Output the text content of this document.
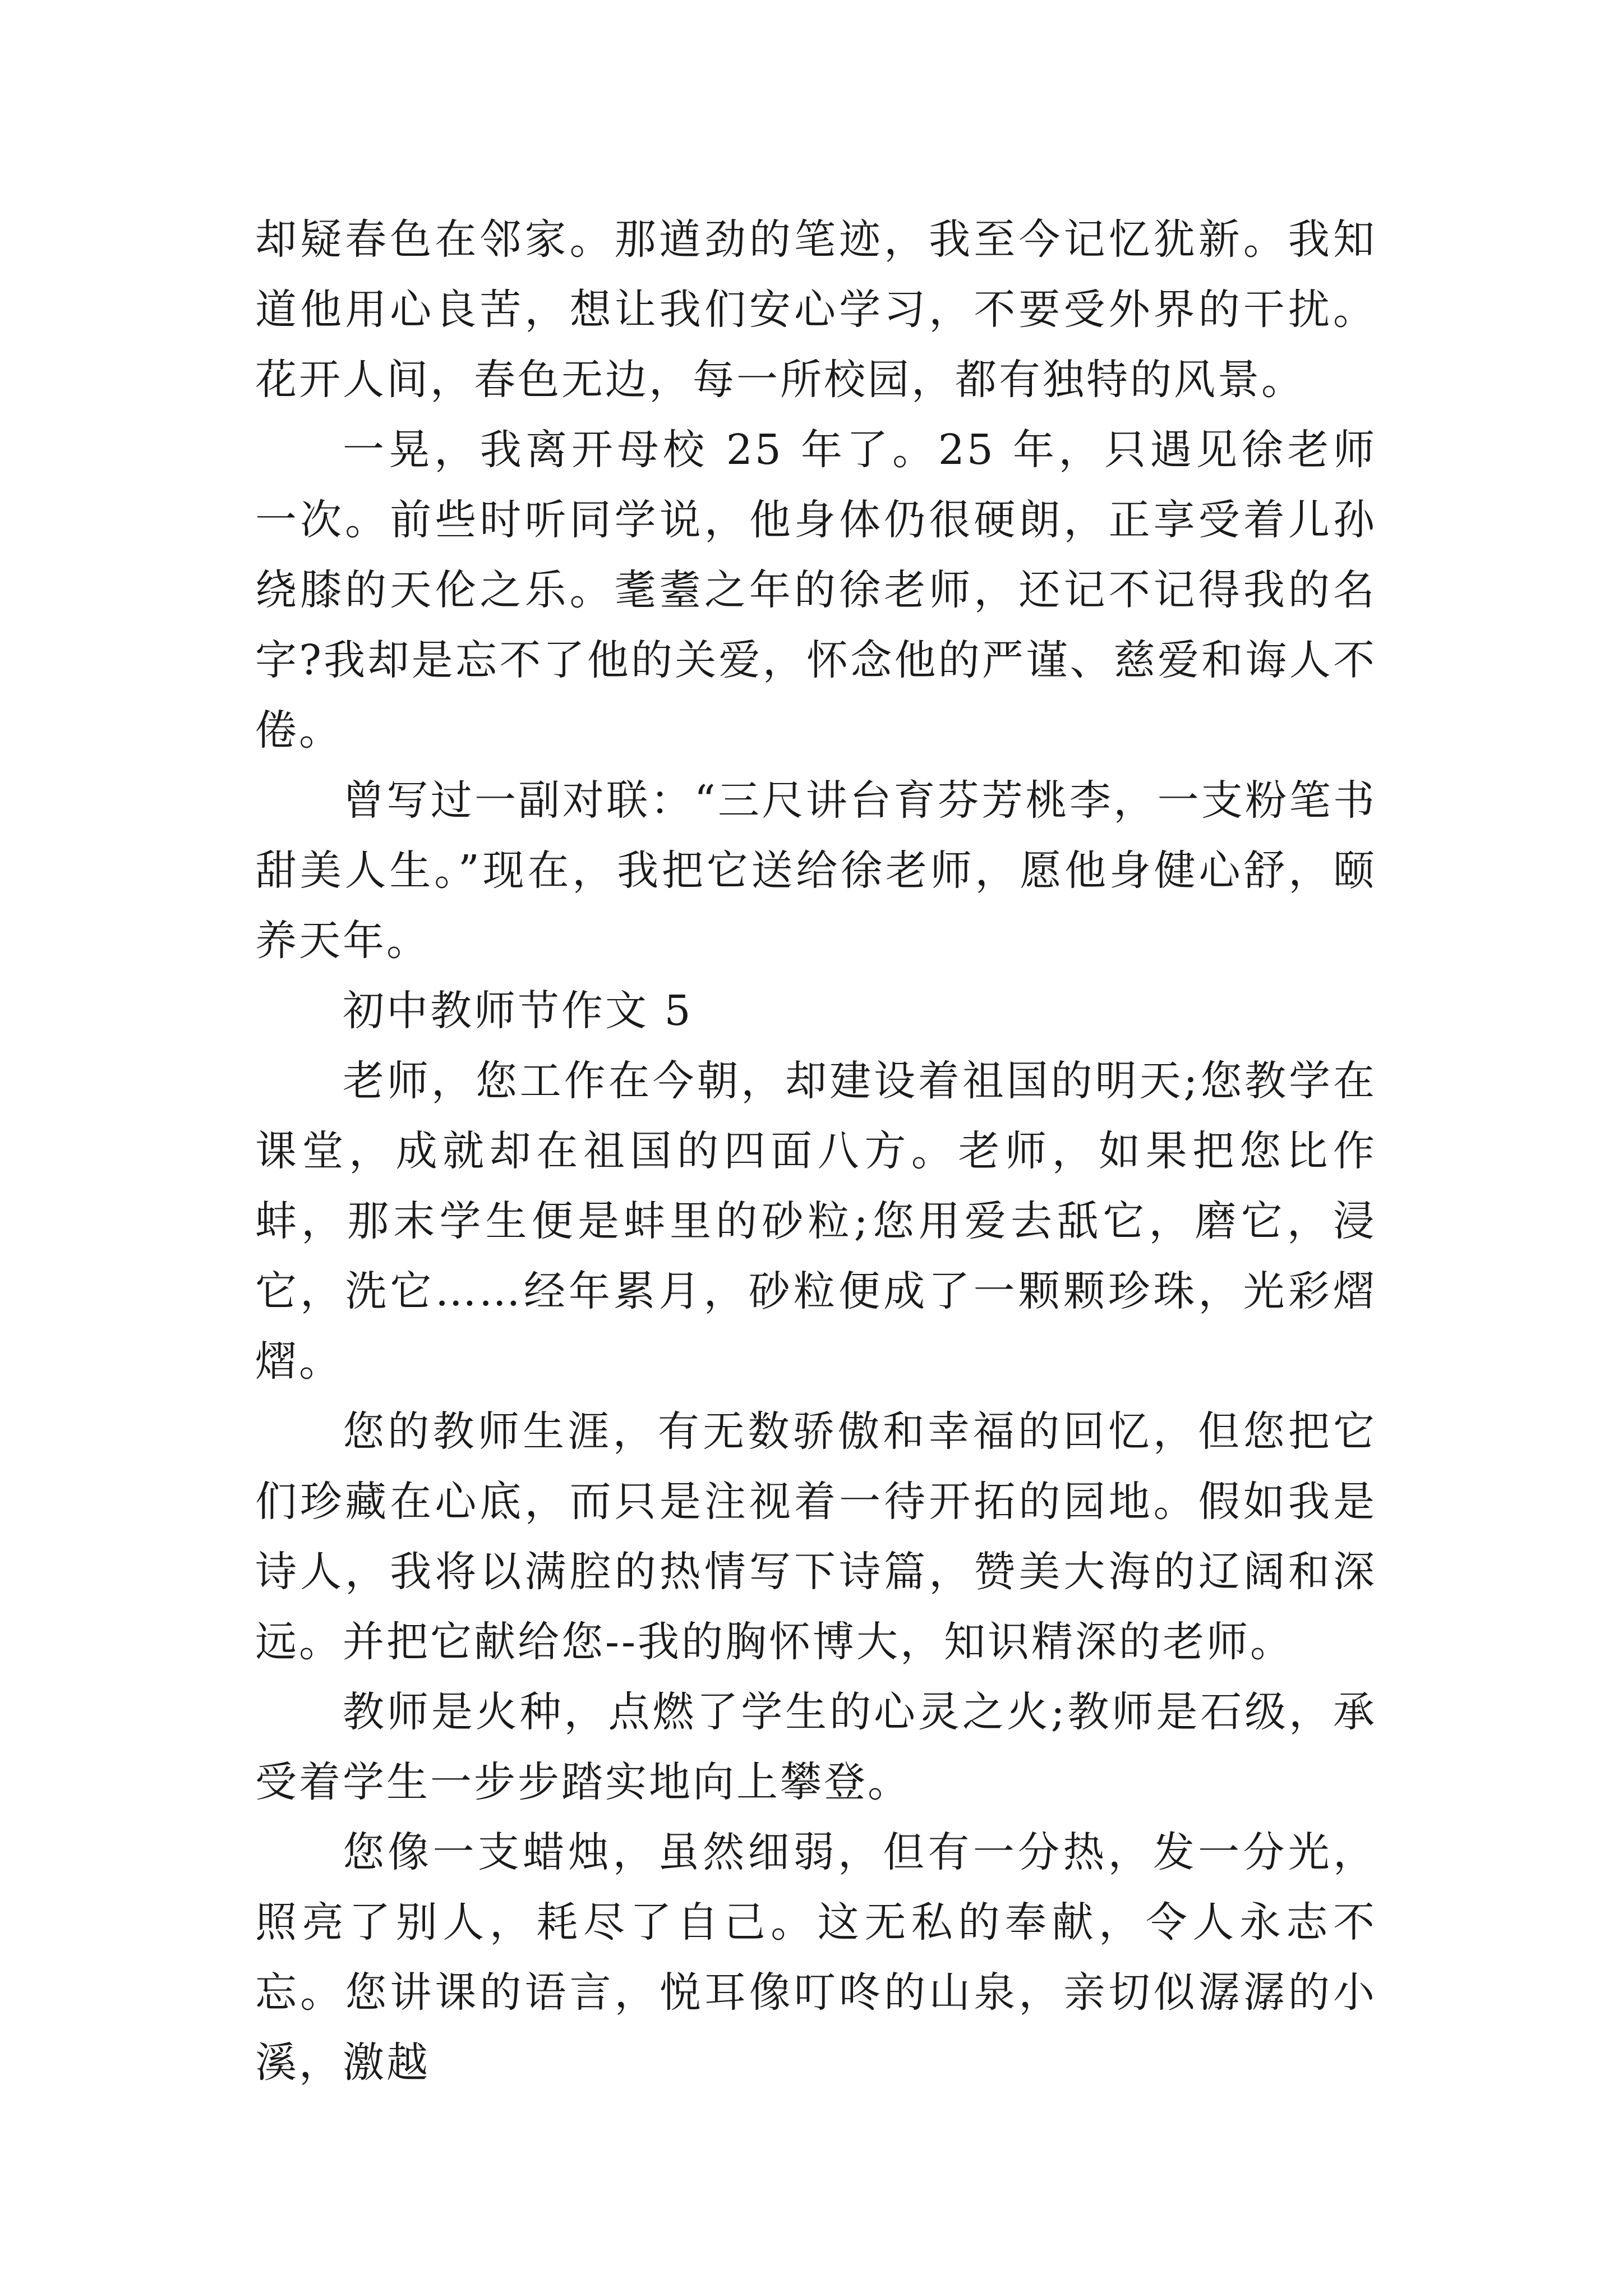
却疑春色在邻家。那遒劲的笔迹，我至今记忆犹新。我知道他用心良苦，想让我们安心学习，不要受外界的干扰。花开人间，春色无边，每一所校园，都有独特的风景。

一晃，我离开母校 25 年了。25 年，只遇见徐老师一次。前些时听同学说，他身体仍很硬朗，正享受着儿孙绕膝的天伦之乐。耄耋之年的徐老师，还记不记得我的名字?我却是忘不了他的关爱，怀念他的严谨、慈爱和诲人不倦。

曾写过一副对联：“三尺讲台育芬芳桃李，一支粉笔书甜美人生。”现在，我把它送给徐老师，愿他身健心舒，颐养天年。

初中教师节作文 5

老师，您工作在今朝，却建设着祖国的明天;您教学在课堂，成就却在祖国的四面八方。老师，如果把您比作蚌，那末学生便是蚌里的砂粒;您用爱去舐它，磨它，浸它，洗它……经年累月，砂粒便成了一颗颗珍珠，光彩熠熠。

您的教师生涯，有无数骄傲和幸福的回忆，但您把它们珍藏在心底，而只是注视着一待开拓的园地。假如我是诗人，我将以满腔的热情写下诗篇，赞美大海的辽阔和深远。并把它献给您--我的胸怀博大，知识精深的老师。

教师是火种，点燃了学生的心灵之火;教师是石级，承受着学生一步步踏实地向上攀登。

您像一支蜡烛，虽然细弱，但有一分热，发一分光，照亮了别人，耗尽了自己。这无私的奉献，令人永志不忘。您讲课的语言，悦耳像叮咚的山泉，亲切似潺潺的小溪，激越
